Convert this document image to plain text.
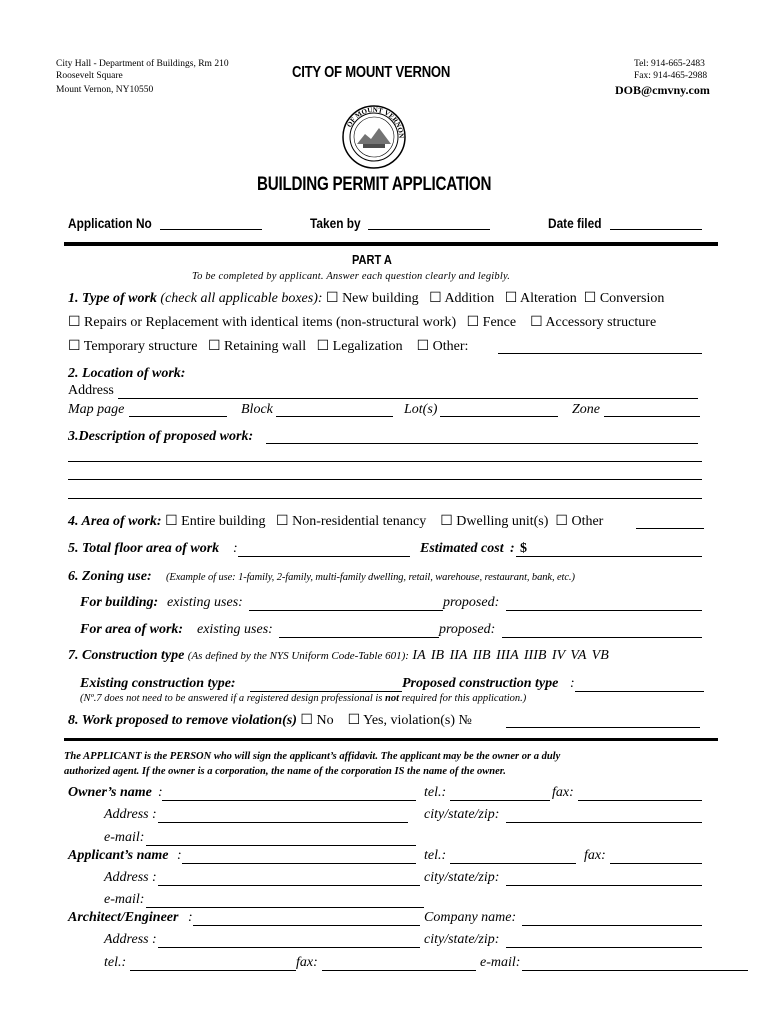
City Hall - Department of Buildings, Rm 210
Roosevelt Square
Mount Vernon, NY10550
CITY OF MOUNT VERNON	Tel: 914-665-2483
Fax: 914-465-2988
DOB@cmvny.com
OF MOUNT VERNON
BUILDING PERMIT APPLICATION
Application No	Taken by	Date filed
PART A
To be completed by applicant. Answer each question clearly and legibly.
1. Type of work (check all applicable boxes): ☐ New building ☐ Addition ☐ Alteration ☐ Conversion
☐ Repairs or Replacement with identical items (non-structural work) ☐ Fence ☐ Accessory structure
☐ Temporary structure ☐ Retaining wall ☐ Legalization ☐ Other:
2. Location of work:
Address
Map page	Block	Lot(s)	Zone
3.Description of proposed work:
4. Area of work: ☐ Entire building ☐ Non-residential tenancy ☐ Dwelling unit(s) ☐ Other
5. Total floor area of work :	Estimated cost : $
6. Zoning use: (Example of use: 1-family, 2-family, multi-family dwelling, retail, warehouse, restaurant, bank, etc.)
For building: existing uses:	proposed:
For area of work: existing uses:	proposed:
7. Construction type (As defined by the NYS Uniform Code-Table 601): IA IB IIA IIB IIIA IIIB IV VA VB
Existing construction type:	Proposed construction type :
(Nº.7 does not need to be answered if a registered design professional is not required for this application.)
8. Work proposed to remove violation(s) ☐ No ☐ Yes, violation(s) №
The APPLICANT is the PERSON who will sign the applicant’s affidavit. The applicant may be the owner or a duly
authorized agent. If the owner is a corporation, the name of the corporation IS the name of the owner.
Owner’s name :	tel.:	fax:
Address :	city/state/zip:
e-mail:
Applicant’s name :	tel.:	fax:
Address :	city/state/zip:
e-mail:
Architect/Engineer :	Company name:
Address :	city/state/zip:
tel.:	fax:	e-mail:
